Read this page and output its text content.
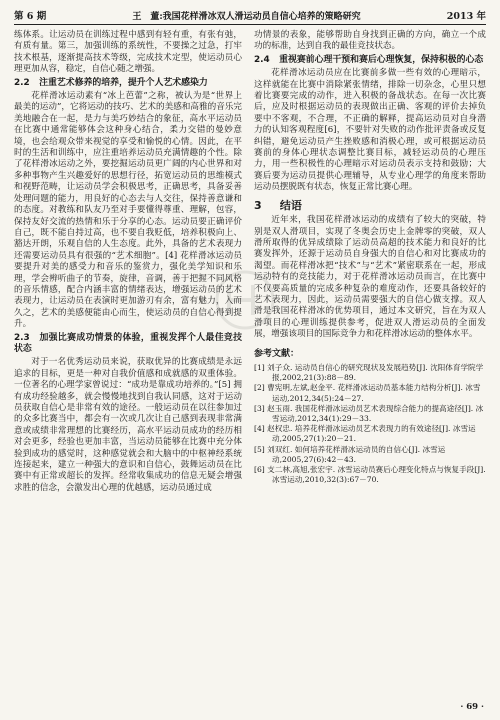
第 6 期	王　董:我国花样滑冰双人滑运动员自信心培养的策略研究	2013 年

练体系。让运动员在训练过程中感到有轻有重，有张有弛，有质有量。第三，加强训练的系统性，不要操之过急，打牢技术根基，逐渐提高技术等级，完成技术定型，使运动员心理更加从容，稳定，自信心随之增强。

2.2 注重艺术修养的培养，提升个人艺术感染力

花样滑冰运动素有“冰上芭蕾”之称，被认为是“世界上最美的运动”，它将运动的技巧、艺术的美感和高雅的音乐完美地融合在一起，是力与美巧妙结合的象征，高水平运动员在比赛中通常能够体会这种身心结合，柔力交错的曼妙意境，也会给观众带来视觉的享受和愉悦的心情。因此，在平时的生活和训练中，应注重培养运动员充满情趣的个性。除了花样滑冰运动之外，要挖掘运动员更广阔的内心世界和对多种事物产生兴趣爱好的思想行径，拓宽运动员的思维模式和视野范畴，让运动员学会积极思考，正确思考，具备妥善处理问题的能力，用良好的心态去与人交往，保持善意谦和的态度。对教练和队友乃至对手要懂得尊重、理解，包容，保持友好交流的热情和乐于分享的心态。运动员要正确评价自己，既不能自持过高，也不要自我贬低，培养积极向上、豁达开朗，乐观自信的人生态度。此外，具备的艺术表现力还需要运动员具有很强的“艺术细胞”。[4] 花样滑冰运动员要提升对美的感受力和音乐的鉴赏力，强化美学知识和乐理，学会辨听曲子的节奏，旋律，音调，善于把握不同风格的音乐情感，配合内涵丰富的情绪表达，增强运动员的艺术表现力，让运动员在表演时更加游刃有余，富有魅力，入而久之，艺术的美感便能由心而生，使运动员的自信心得到提升。

2.3 加强比赛成功情景的体验，重视发挥个人最佳竞技状态

对于一名优秀运动员来说，获取优异的比赛成绩是永远追求的目标，更是一种对自我价值感和成就感的双重体验。一位著名的心理学家曾说过：“成功是靠成功培养的。”[5] 拥有成功经验越多，就会慢慢地找到自我认同感，这对于运动员获取自信心是非常有效的途径。一般运动员在以往参加过的众多比赛当中，都会有一次或几次让自己感到表现非常满意或成绩非常理想的比赛经历，高水平运动员成功的经历相对会更多，经验也更加丰富，当运动员能够在比赛中充分体验到成功的感觉时，这种感觉就会和大脑中的中枢神经系统连接起来，建立一种强大的意识和自信心，鼓舞运动员在比赛中有正常或超长的发挥。经常收集成功的信息无疑会增强求胜的信念，会激发出心理的优越感，运动员通过成

功情景的表象，能够帮助自身找到正确的方向，确立一个成功的标准，达到自我的最佳竞技状态。

2.4 重视赛前心理干预和赛后心理恢复，保持积极的心态

花样滑冰运动员应在比赛前多做一些有效的心理暗示，这样就能在比赛中消除紧张情绪，排除一切杂念，心里只想着比赛要完成的动作，进入积极的备战状态。在每一次比赛后，应及时根据运动员的表现做出正确、客观的评价去掉负要中不客观，不合理，不正确的解释，提高运动员对自身潜力的认知客观程度[6]，不要针对失败的动作批评责备或反复纠错，避免运动员产生挫败感和消极心理，或可根据运动员赛前的身体心理状态调整比赛目标，减轻运动员的心理压力，用一些积极性的心理暗示对运动员表示支持和鼓励；大赛后要为运动员提供心理辅导，从专业心理学的角度来帮助运动员摆脱既有状态，恢复正常比赛心理。

3 结语

近年来，我国花样滑冰运动的成绩有了较大的突破，特别是双人滑项目，实现了冬奥会历史上金牌零的突破，双人滑所取得的优异成绩除了运动员高超的技术能力和良好的比赛发挥外，还源于运动员自身强大的自信心和对比赛成功的渴望。而花样滑冰把“技术”与“艺术”紧密联系在一起，形成运动特有的竞技能力，对于花样滑冰运动员而言，在比赛中不仅要高质量的完成多种复杂的难度动作，还要具备较好的艺术表现力，因此，运动员需要强大的自信心做支撑。双人滑是我国花样滑冰的优势项目，通过本文研究，旨在为双人滑项目的心理训练提供参考，促进双人滑运动员的全面发展，增强该项目的国际竞争力和花样滑冰运动的整体水平。

参考文献：

[1] 刘子众. 运动员自信心的研究现状及发展趋势[J]. 沈阳体育学院学报,2002,21(3):88－89.

[2] 曹宪明,左斌,赵金平. 花样滑冰运动员基本能力结构分析[J]. 冰雪运动,2012,34(5):24－27.

[3] 赵玉雨. 我国花样滑冰运动员艺术表现综合能力的提高途径[J]. 冰雪运动,2012,34(1):29－33.

[4] 赵权忠. 培养花样滑冰运动员艺术表现力的有效途径[J]. 冰雪运动,2005,27(1):20－21.

[5] 刘双红. 如何培养花样滑冰运动员的自信心[J]. 冰雪运动,2005,27(6):42－43.

[6] 支二林,高旭,张宏宇. 冰雪运动员赛后心理变化特点与恢复手段[J]. 冰雪运动,2010,32(3):67－70.

· 69 ·
